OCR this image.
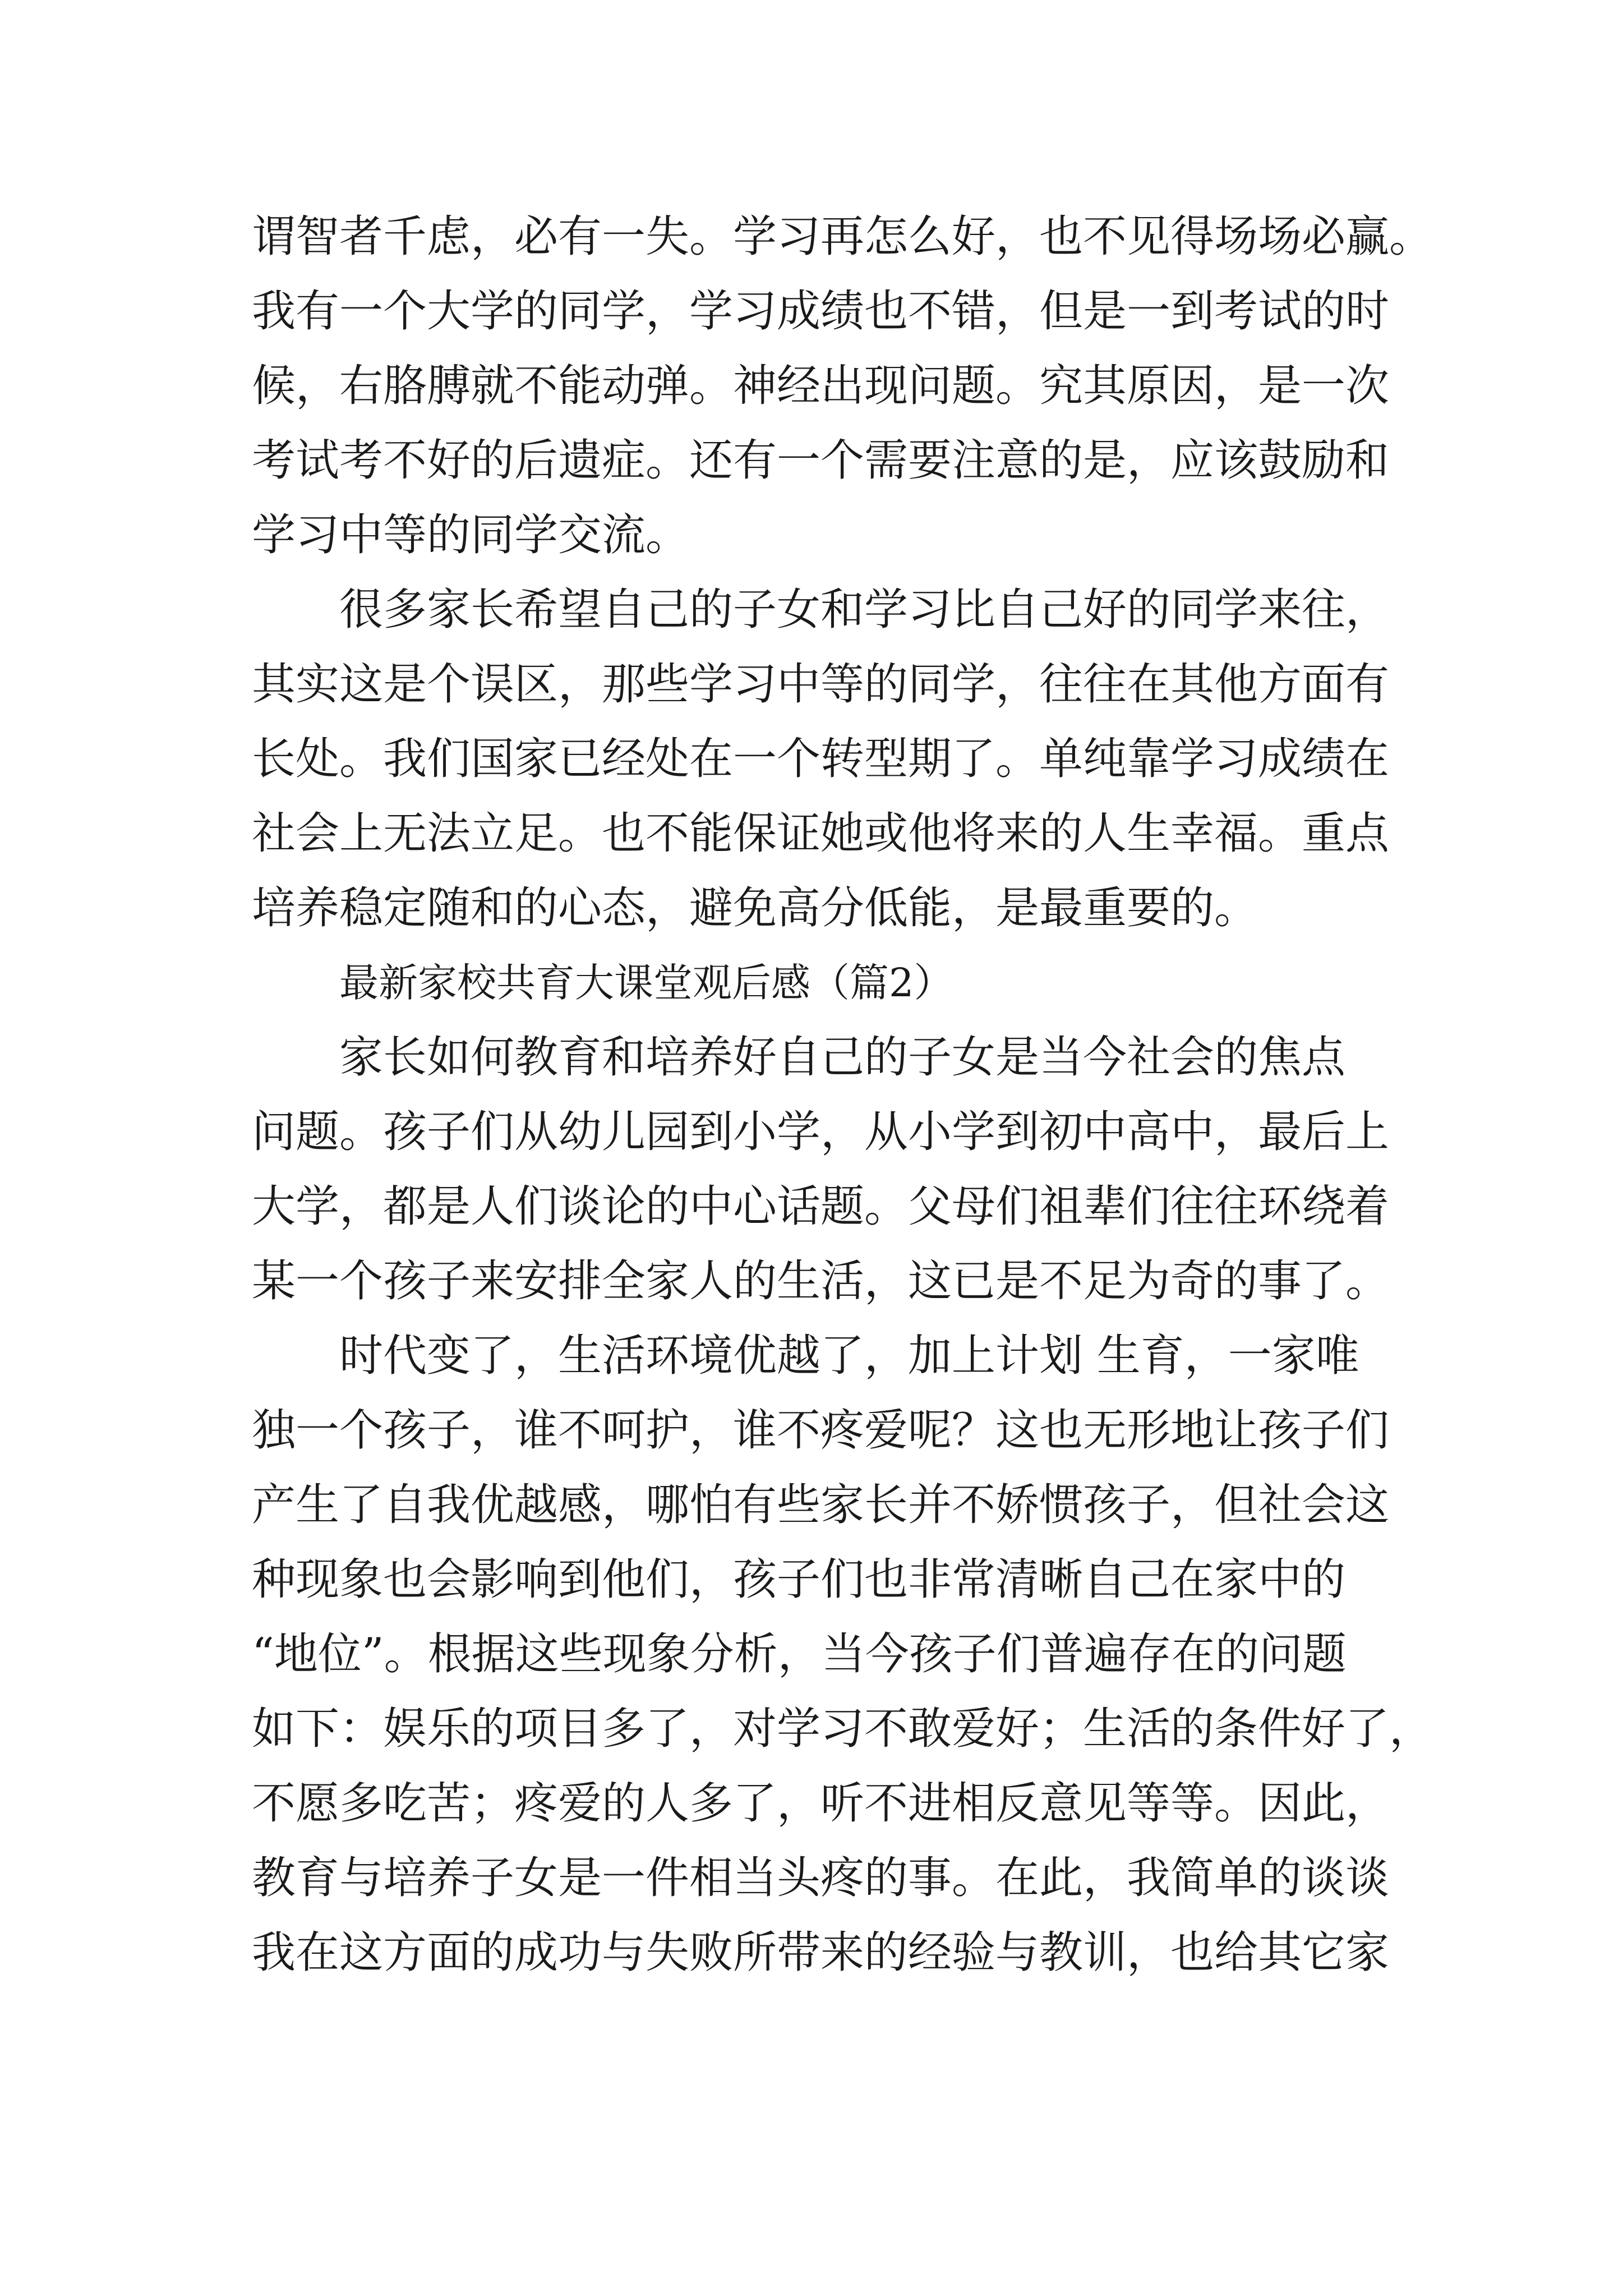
谓智者千虑，必有一失。学习再怎么好，也不见得场场必赢。
我有一个大学的同学，学习成绩也不错，但是一到考试的时
候，右胳膊就不能动弹。神经出现问题。究其原因，是一次
考试考不好的后遗症。还有一个需要注意的是，应该鼓励和
学习中等的同学交流。
很多家长希望自己的子女和学习比自己好的同学来往，
其实这是个误区，那些学习中等的同学，往往在其他方面有
长处。我们国家已经处在一个转型期了。单纯靠学习成绩在
社会上无法立足。也不能保证她或他将来的人生幸福。重点
培养稳定随和的心态，避免高分低能，是最重要的。
最新家校共育大课堂观后感（篇2）
家长如何教育和培养好自己的子女是当今社会的焦点
问题。孩子们从幼儿园到小学，从小学到初中高中，最后上
大学，都是人们谈论的中心话题。父母们祖辈们往往环绕着
某一个孩子来安排全家人的生活，这已是不足为奇的事了。
时代变了，生活环境优越了，加上计划 生育，一家唯
独一个孩子，谁不呵护，谁不疼爱呢？这也无形地让孩子们
产生了自我优越感，哪怕有些家长并不娇惯孩子，但社会这
种现象也会影响到他们，孩子们也非常清晰自己在家中的
“地位”。根据这些现象分析，当今孩子们普遍存在的问题
如下：娱乐的项目多了，对学习不敢爱好；生活的条件好了，
不愿多吃苦；疼爱的人多了，听不进相反意见等等。因此，
教育与培养子女是一件相当头疼的事。在此，我简单的谈谈
我在这方面的成功与失败所带来的经验与教训，也给其它家
